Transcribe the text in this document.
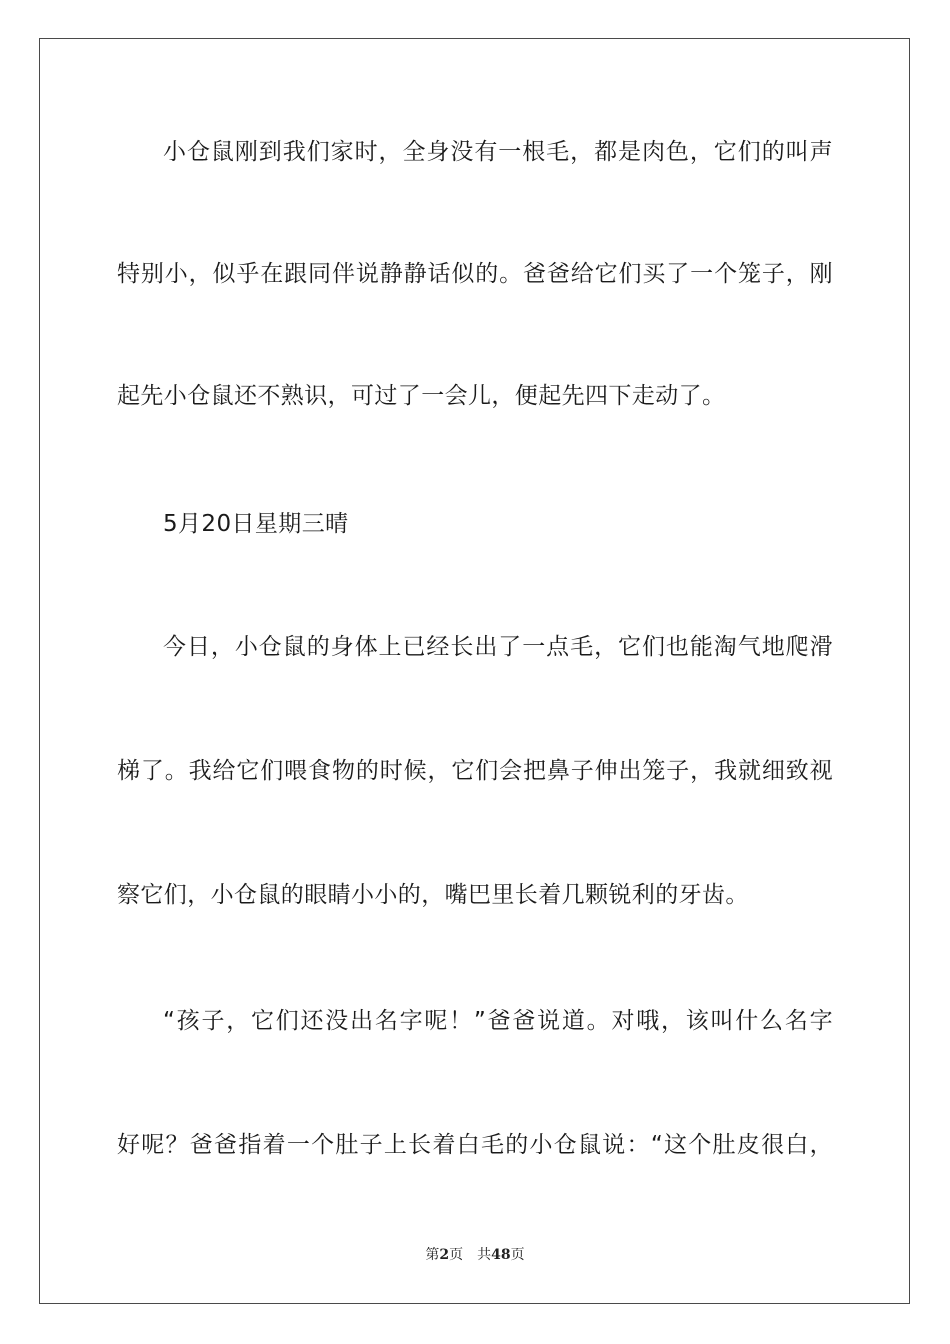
小仓鼠刚到我们家时，全身没有一根毛，都是肉色，它们的叫声
特别小，似乎在跟同伴说静静话似的。爸爸给它们买了一个笼子，刚
起先小仓鼠还不熟识，可过了一会儿，便起先四下走动了。
5月20日星期三晴
今日，小仓鼠的身体上已经长出了一点毛，它们也能淘气地爬滑
梯了。我给它们喂食物的时候，它们会把鼻子伸出笼子，我就细致视
察它们，小仓鼠的眼睛小小的，嘴巴里长着几颗锐利的牙齿。
“孩子，它们还没出名字呢！”爸爸说道。对哦，该叫什么名字
好呢？爸爸指着一个肚子上长着白毛的小仓鼠说：“这个肚皮很白，
第2页 共48页
